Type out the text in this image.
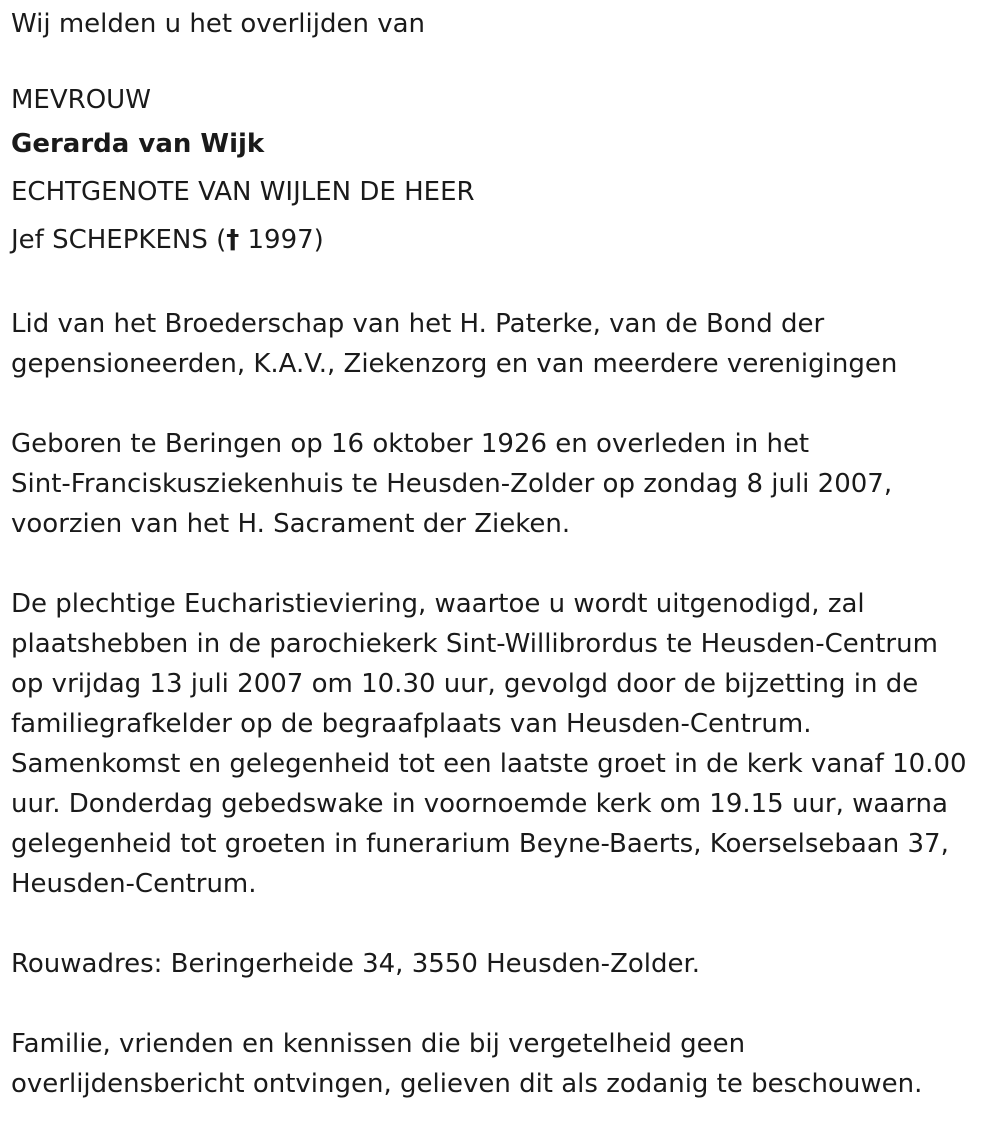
Wij melden u het overlijden van
MEVROUW
Gerarda van Wijk
ECHTGENOTE VAN WIJLEN DE HEER
Jef SCHEPKENS († 1997)
Lid van het Broederschap van het H. Paterke, van de Bond der
gepensioneerden, K.A.V., Ziekenzorg en van meerdere verenigingen
Geboren te Beringen op 16 oktober 1926 en overleden in het
Sint-Franciskusziekenhuis te Heusden-Zolder op zondag 8 juli 2007,
voorzien van het H. Sacrament der Zieken.
De plechtige Eucharistieviering, waartoe u wordt uitgenodigd, zal
plaatshebben in de parochiekerk Sint-Willibrordus te Heusden-Centrum
op vrijdag 13 juli 2007 om 10.30 uur, gevolgd door de bijzetting in de
familiegrafkelder op de begraafplaats van Heusden-Centrum.
Samenkomst en gelegenheid tot een laatste groet in de kerk vanaf 10.00
uur. Donderdag gebedswake in voornoemde kerk om 19.15 uur, waarna
gelegenheid tot groeten in funerarium Beyne-Baerts, Koerselsebaan 37,
Heusden-Centrum.
Rouwadres: Beringerheide 34, 3550 Heusden-Zolder.
Familie, vrienden en kennissen die bij vergetelheid geen
overlijdensbericht ontvingen, gelieven dit als zodanig te beschouwen.
